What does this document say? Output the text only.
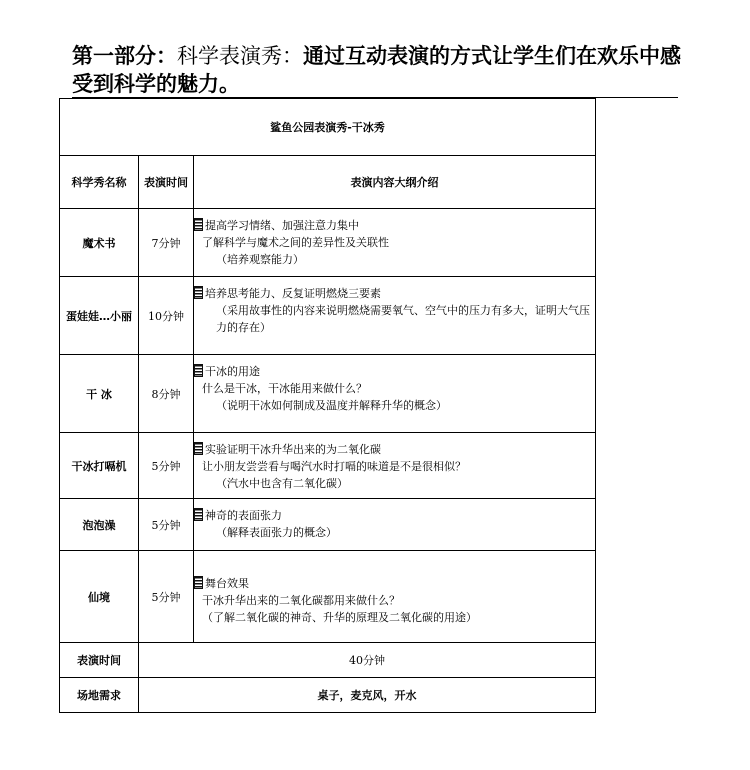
第一部分：科学表演秀：通过互动表演的方式让学生们在欢乐中感受到科学的魅力。
鲨鱼公园表演秀-干冰秀		
科学秀名称	表演时间	表演内容大纲介绍
魔术书	7分钟	提高学习情绪、加强注意力集中
了解科学与魔术之间的差异性及关联性
（培养观察能力）

蛋娃娃…小丽	10分钟	培养思考能力、反复证明燃烧三要素
（采用故事性的内容来说明燃烧需要氧气、空气中的压力有多大，证明大气压力的存在）

干 冰	8分钟	干冰的用途
什么是干冰，干冰能用来做什么？
（说明干冰如何制成及温度并解释升华的概念）

干冰打嗝机	5分钟	实验证明干冰升华出来的为二氧化碳
让小朋友尝尝看与喝汽水时打嗝的味道是不是很相似？
（汽水中也含有二氧化碳）

泡泡澡	5分钟	神奇的表面张力
（解释表面张力的概念）

仙境	5分钟	舞台效果
干冰升华出来的二氧化碳都用来做什么？
（了解二氧化碳的神奇、升华的原理及二氧化碳的用途）

表演时间	40分钟	
场地需求	桌子，麦克风，开水	
